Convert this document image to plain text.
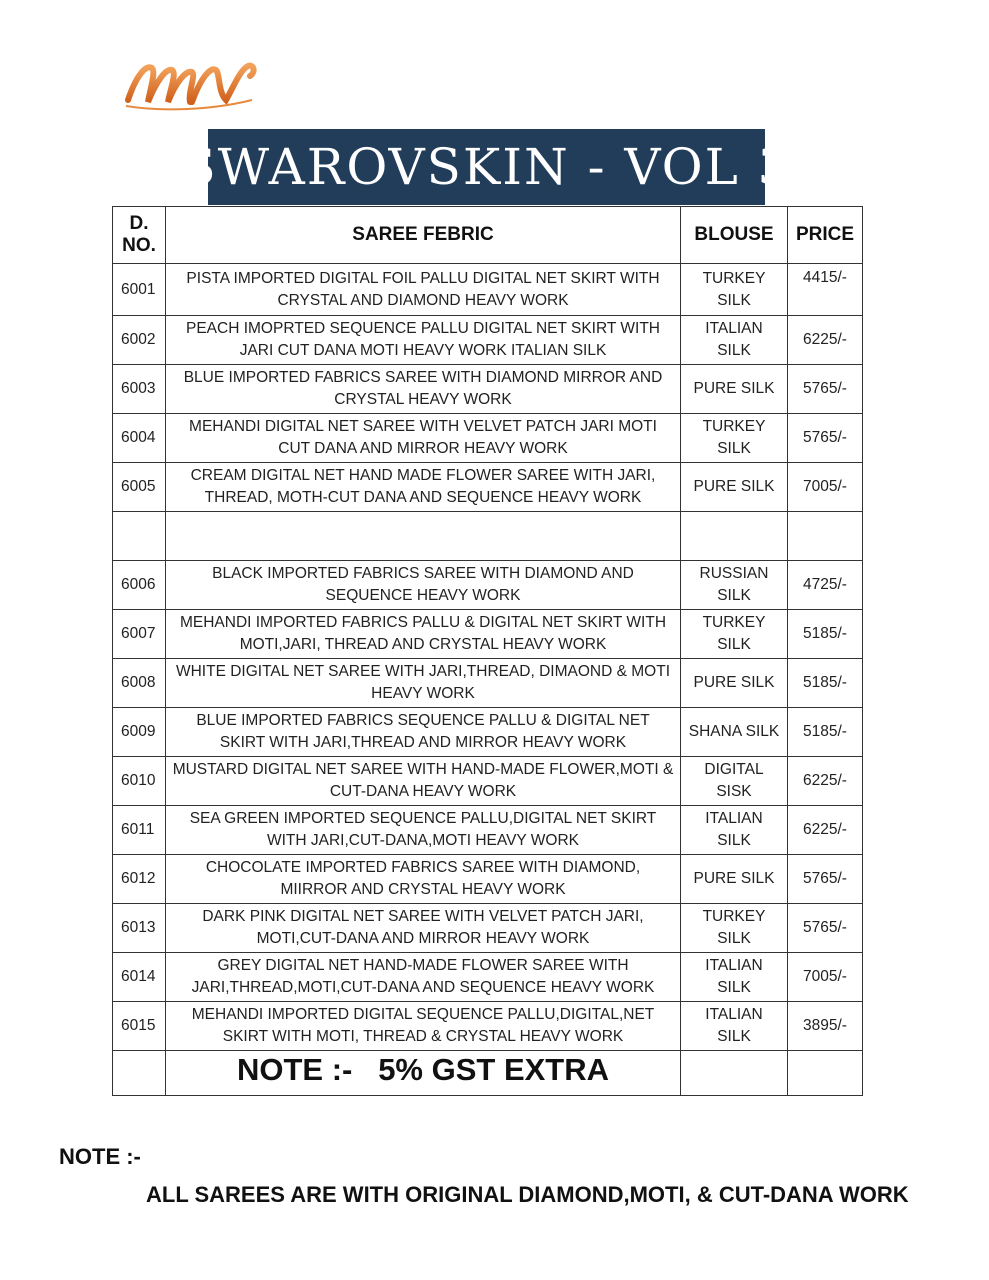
SWAROVSKIN - VOL 3
D. NO.	SAREE FEBRIC	BLOUSE	PRICE
6001	PISTA IMPORTED DIGITAL FOIL PALLU DIGITAL NET SKIRT WITH CRYSTAL AND DIAMOND HEAVY WORK	TURKEY SILK	4415/-
6002	PEACH IMOPRTED SEQUENCE PALLU DIGITAL NET SKIRT WITH JARI CUT DANA MOTI HEAVY WORK ITALIAN SILK	ITALIAN SILK	6225/-
6003	BLUE IMPORTED FABRICS SAREE WITH DIAMOND MIRROR AND CRYSTAL HEAVY WORK	PURE SILK	5765/-
6004	MEHANDI DIGITAL NET SAREE WITH VELVET PATCH JARI MOTI CUT DANA AND MIRROR HEAVY WORK	TURKEY SILK	5765/-
6005	CREAM DIGITAL NET HAND MADE FLOWER SAREE WITH JARI, THREAD, MOTH-CUT DANA AND SEQUENCE HEAVY WORK	PURE SILK	7005/-

6006	BLACK IMPORTED FABRICS SAREE WITH DIAMOND AND SEQUENCE HEAVY WORK	RUSSIAN SILK	4725/-
6007	MEHANDI IMPORTED FABRICS PALLU & DIGITAL NET SKIRT WITH MOTI,JARI, THREAD AND CRYSTAL HEAVY WORK	TURKEY SILK	5185/-
6008	WHITE DIGITAL NET SAREE WITH JARI,THREAD, DIMAOND & MOTI HEAVY WORK	PURE SILK	5185/-
6009	BLUE IMPORTED FABRICS SEQUENCE PALLU & DIGITAL NET SKIRT WITH JARI,THREAD AND MIRROR HEAVY WORK	SHANA SILK	5185/-
6010	MUSTARD DIGITAL NET SAREE WITH HAND-MADE FLOWER,MOTI & CUT-DANA HEAVY WORK	DIGITAL SISK	6225/-
6011	SEA GREEN IMPORTED SEQUENCE PALLU,DIGITAL NET SKIRT WITH JARI,CUT-DANA,MOTI HEAVY WORK	ITALIAN SILK	6225/-
6012	CHOCOLATE IMPORTED FABRICS SAREE WITH DIAMOND, MIIRROR AND CRYSTAL HEAVY WORK	PURE SILK	5765/-
6013	DARK PINK DIGITAL NET SAREE WITH VELVET PATCH JARI, MOTI,CUT-DANA AND MIRROR HEAVY WORK	TURKEY SILK	5765/-
6014	GREY DIGITAL NET HAND-MADE FLOWER SAREE WITH JARI,THREAD,MOTI,CUT-DANA AND SEQUENCE HEAVY WORK	ITALIAN SILK	7005/-
6015	MEHANDI IMPORTED DIGITAL SEQUENCE PALLU,DIGITAL,NET SKIRT WITH MOTI, THREAD & CRYSTAL HEAVY WORK	ITALIAN SILK	3895/-
	NOTE :-   5% GST EXTRA		
NOTE :-
ALL SAREES ARE WITH ORIGINAL DIAMOND,MOTI, & CUT-DANA WORK
